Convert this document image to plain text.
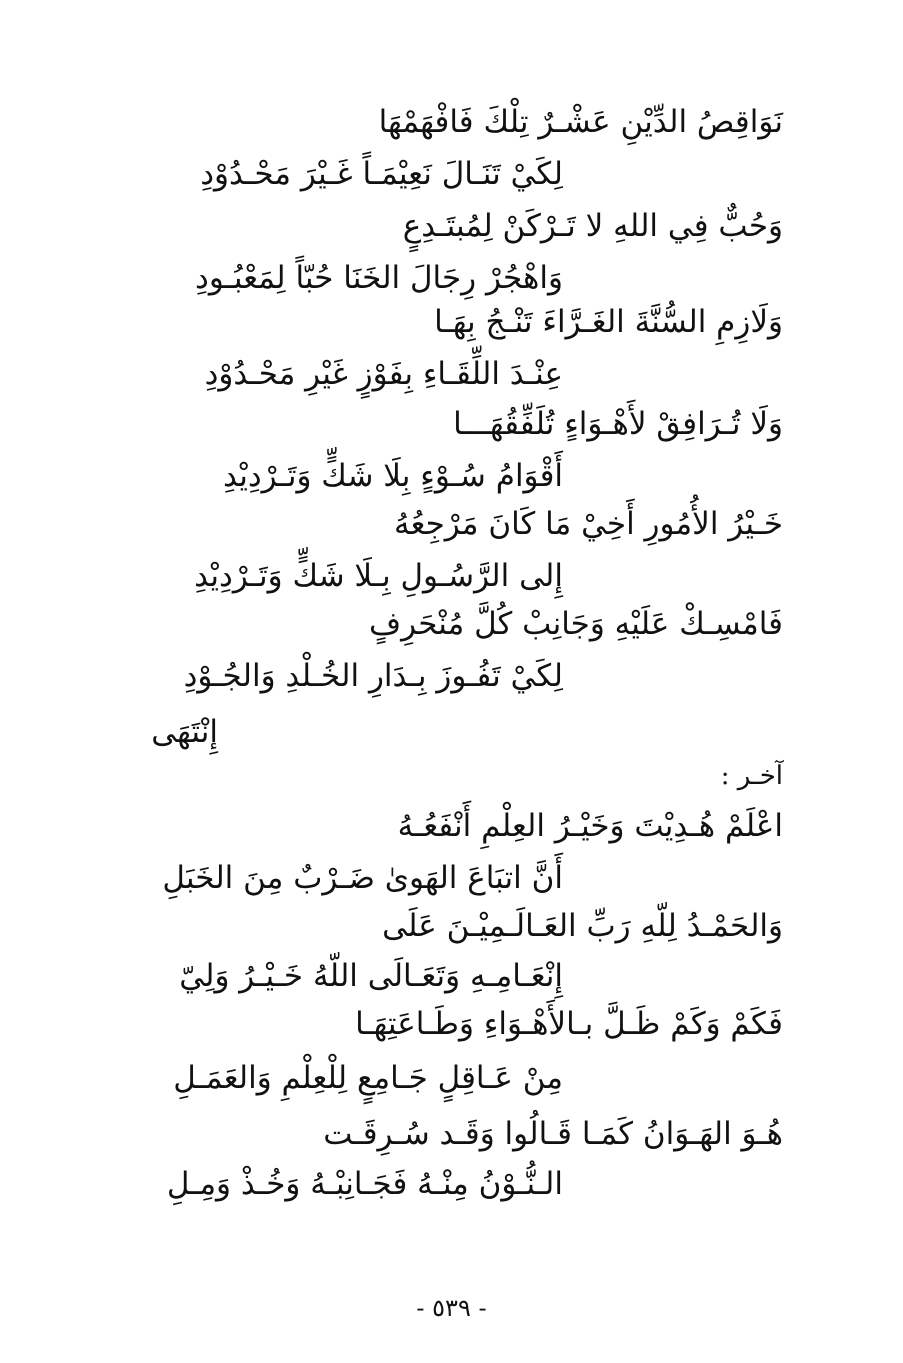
نَوَاقِصُ الدِّيْنِ عَشْـرٌ تِلْكَ فَافْهَمْهَا
لِكَيْ تَنَـالَ نَعِيْمَـاً غَـيْرَ مَحْـدُوْدِ
وَحُبٌّ فِي اللهِ لا تَـرْكَنْ لِمُبتَـدِعٍ
وَاهْجُرْ رِجَالَ الخَنَا حُبّاً لِمَعْبُـودِ
وَلَازِمِ السُّنَّةَ الغَـرَّاءَ تَنْـجُ بِهَـا
عِنْـدَ اللِّقَـاءِ بِفَوْزٍ غَيْرِ مَحْـدُوْدِ
وَلَا تُـرَافِقْ لأَهْـوَاءٍ تُلَفِّقُهَـــا
أَقْوَامُ سُـوْءٍ بِلَا شَكٍّ وَتَـرْدِيْدِ
خَـيْرُ الأُمُورِ أَخِيْ مَا كَانَ مَرْجِعُهُ
إِلى الرَّسُـولِ بِـلَا شَكٍّ وَتَـرْدِيْدِ
فَامْسِـكْ عَلَيْهِ وَجَانِبْ كُلَّ مُنْحَرِفٍ
لِكَيْ تَفُـوزَ بِـدَارِ الخُـلْدِ وَالجُـوْدِ
إِنْتَهَى
آخـر :
اعْلَمْ هُـدِيْتَ وَخَيْـرُ العِلْمِ أَنْفَعُـهُ
أَنَّ اتبَاعَ الهَوىٰ ضَـرْبٌ مِنَ الخَبَلِ
وَالحَمْـدُ لِلّهِ رَبِّ العَـالَـمِيْـنَ عَلَى
إِنْعَـامِـهِ وَتَعَـالَى اللّهُ خَـيْـرُ وَلِيّ
فَكَمْ وَكَمْ ظَـلَّ بـالأَهْـوَاءِ وَطَـاعَتِهَـا
مِنْ عَـاقِلٍ جَـامِعٍ لِلْعِلْمِ وَالعَمَـلِ
هُـوَ الهَـوَانُ كَمَـا قَـالُوا وَقَـد سُـرِقَـت
الـنُّـوْنُ مِنْـهُ فَجَـانِبْـهُ وَخُـذْ وَمِـلِ
- ٥٣٩ -
